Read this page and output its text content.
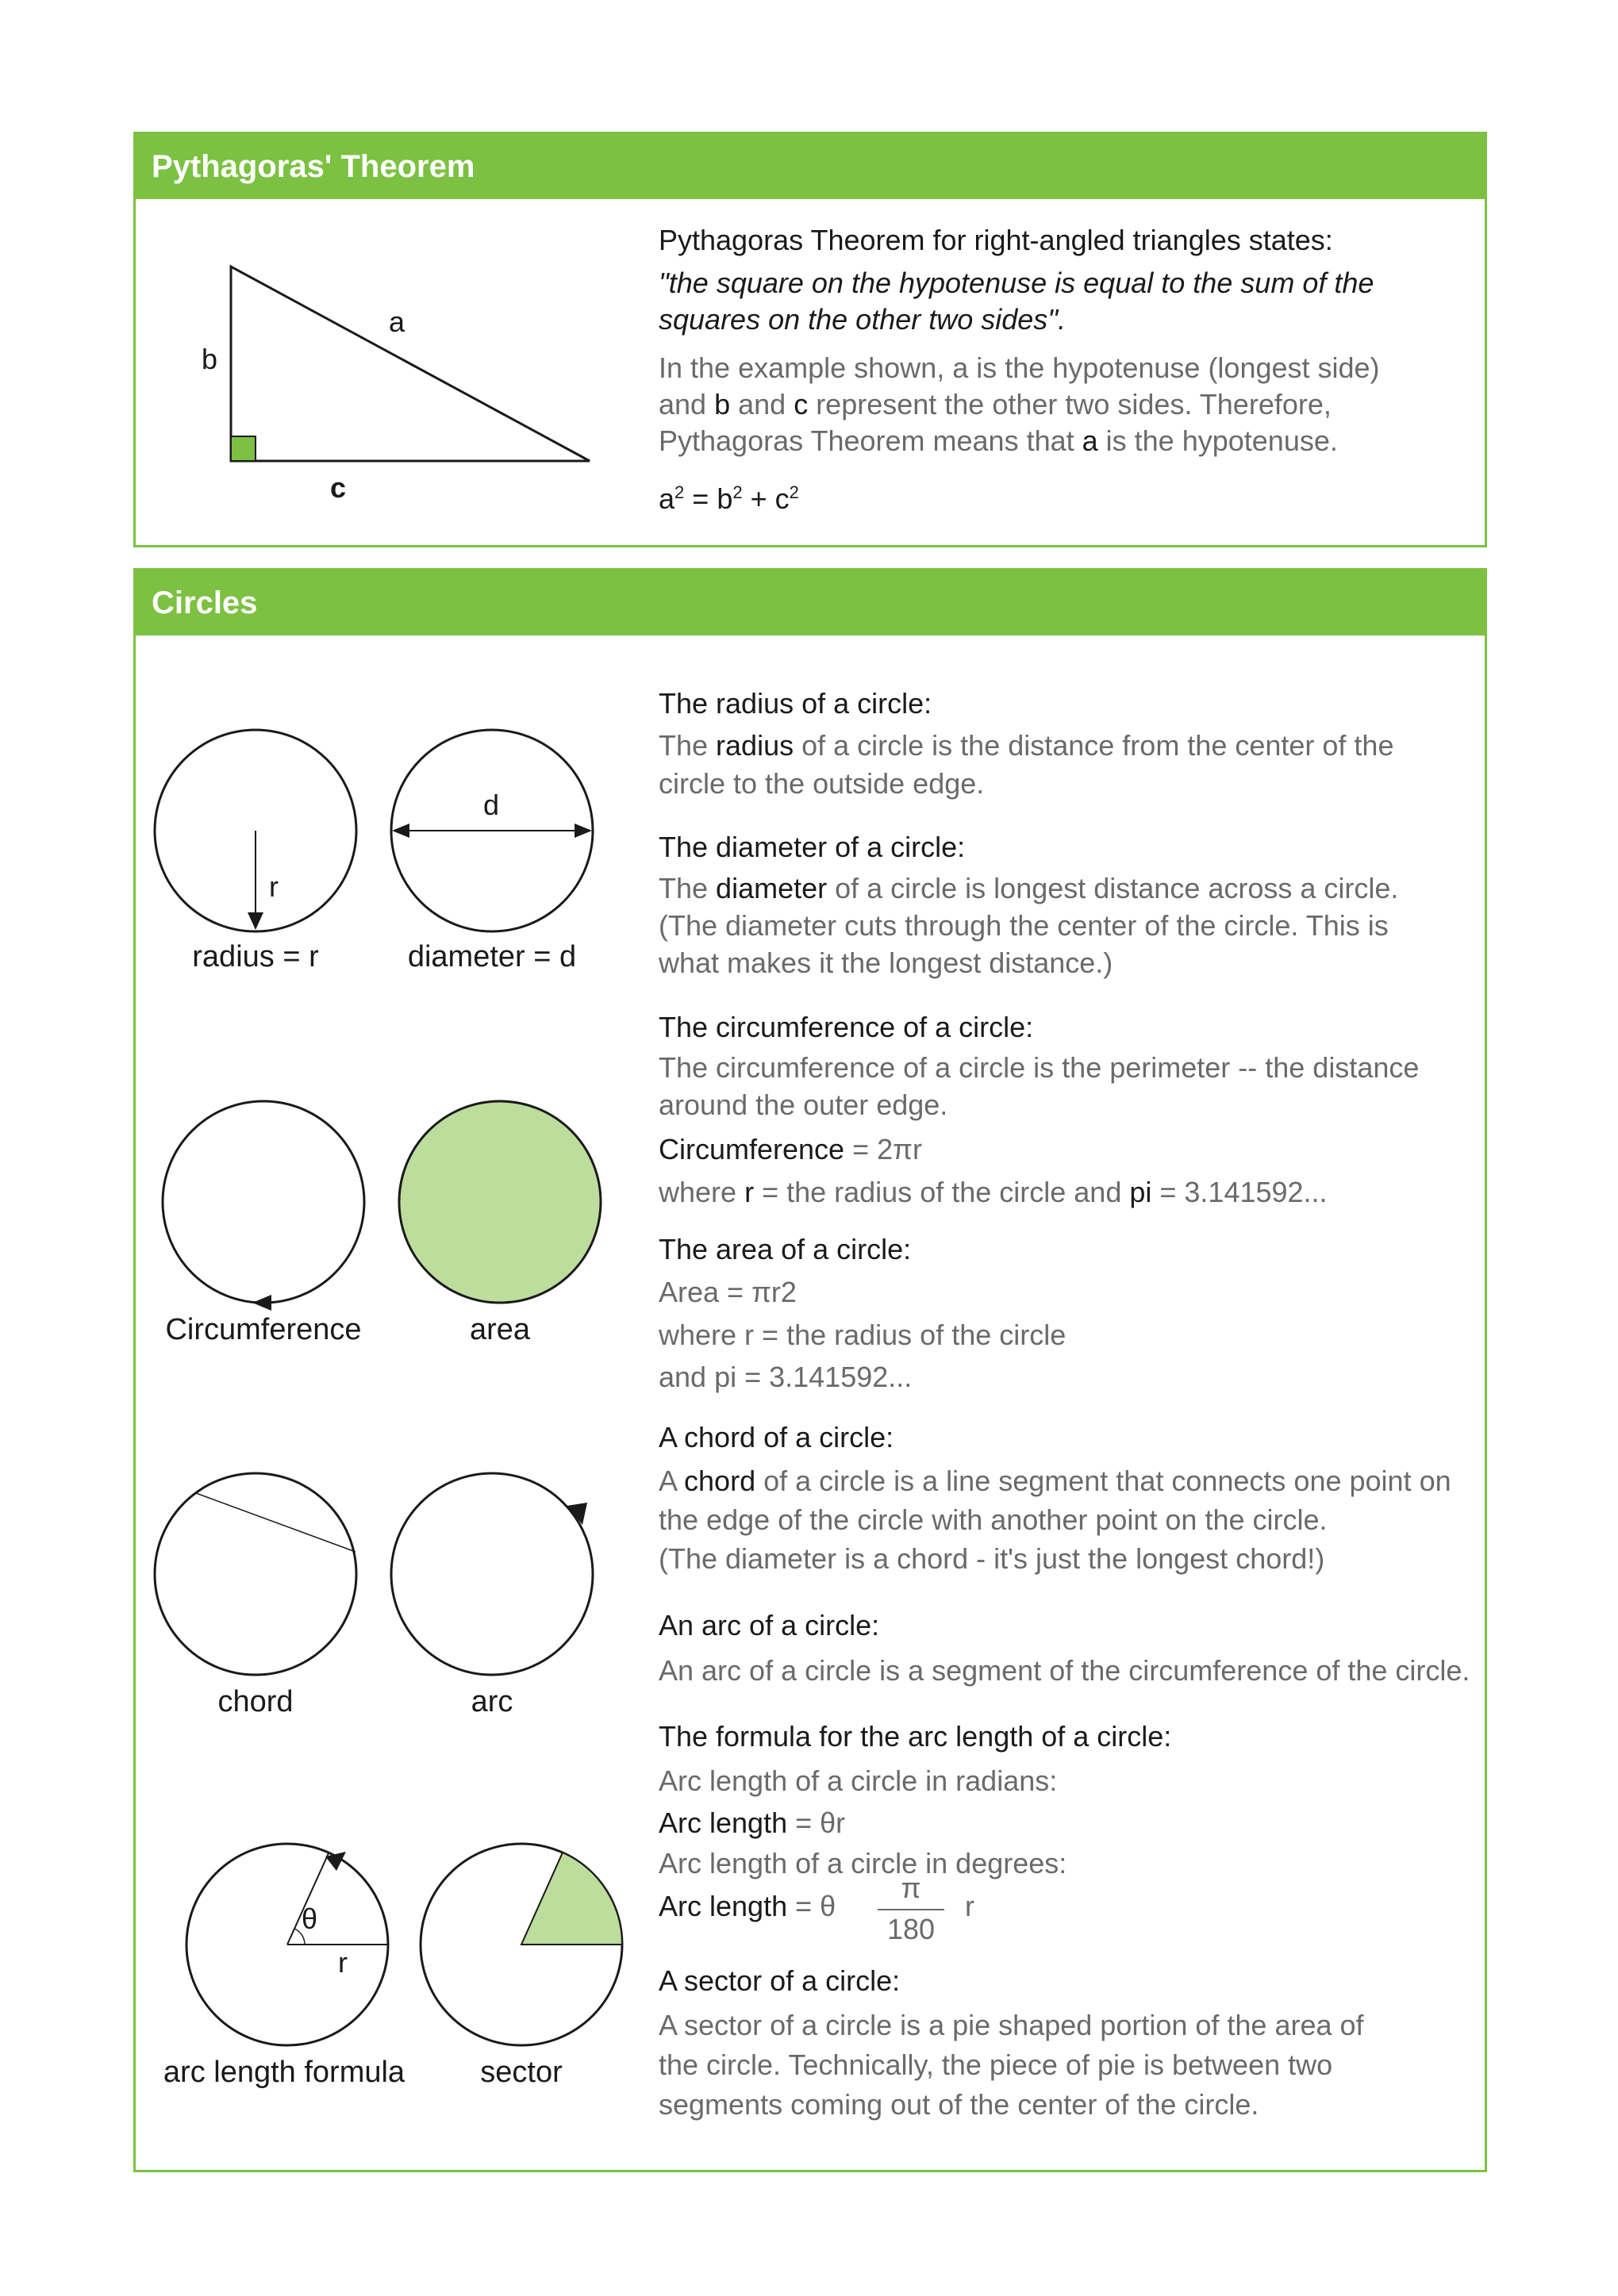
Pythagoras' Theorem
a
b
c
Pythagoras Theorem for right-angled triangles states:
"the square on the hypotenuse is equal to the sum of the
squares on the other two sides".
In the example shown, a is the hypotenuse (longest side)
and b and c represent the other two sides. Therefore,
Pythagoras Theorem means that a is the hypotenuse.
$a^2 = b^2 + c^2$
Circles
r
d
θ
r
radius = r	diameter = d
Circumference	area
chord	arc
arc length formula	sector
The radius of a circle:
The radius of a circle is the distance from the center of the
circle to the outside edge.
The diameter of a circle:
The diameter of a circle is longest distance across a circle.
(The diameter cuts through the center of the circle. This is
what makes it the longest distance.)
The circumference of a circle:
The circumference of a circle is the perimeter -- the distance
around the outer edge.
Circumference = 2πr
where r = the radius of the circle and pi = 3.141592...
The area of a circle:
Area = πr2
where r = the radius of the circle
and pi = 3.141592...
A chord of a circle:
A chord of a circle is a line segment that connects one point on
the edge of the circle with another point on the circle.
(The diameter is a chord - it's just the longest chord!)
An arc of a circle:
An arc of a circle is a segment of the circumference of the circle.
The formula for the arc length of a circle:
Arc length of a circle in radians:
Arc length = θr
Arc length of a circle in degrees:
Arc length = θ
π
180
r
A sector of a circle:
A sector of a circle is a pie shaped portion of the area of
the circle. Technically, the piece of pie is between two
segments coming out of the center of the circle.
